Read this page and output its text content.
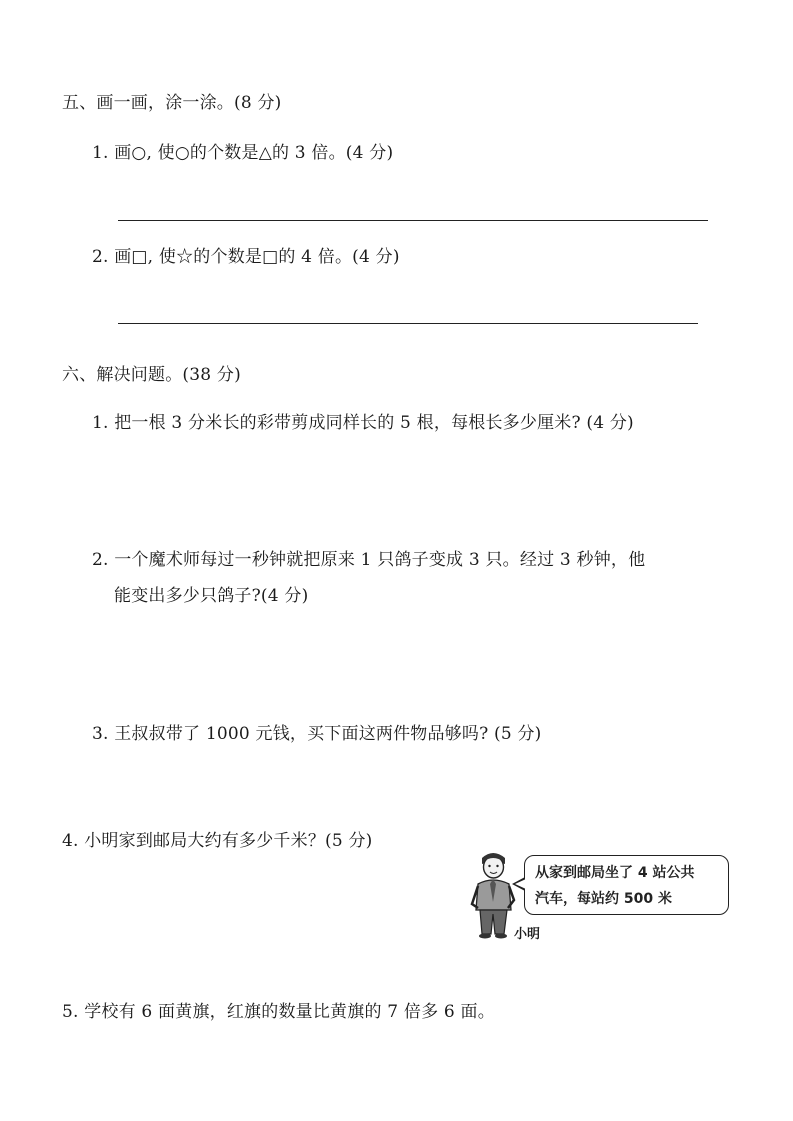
五、画一画，涂一涂。(8 分)
1. 画○, 使○的个数是△的 3 倍。(4 分)
2. 画□, 使☆的个数是□的 4 倍。(4 分)
六、解决问题。(38 分)
1. 把一根 3 分米长的彩带剪成同样长的 5 根，每根长多少厘米? (4 分)
2. 一个魔术师每过一秒钟就把原来 1 只鸽子变成 3 只。经过 3 秒钟，他
能变出多少只鸽子?(4 分)
3. 王叔叔带了 1000 元钱，买下面这两件物品够吗? (5 分)
4. 小明家到邮局大约有多少千米？(5 分)
从家到邮局坐了 4 站公共
汽车，每站约 500 米
小明
5. 学校有 6 面黄旗，红旗的数量比黄旗的 7 倍多 6 面。
